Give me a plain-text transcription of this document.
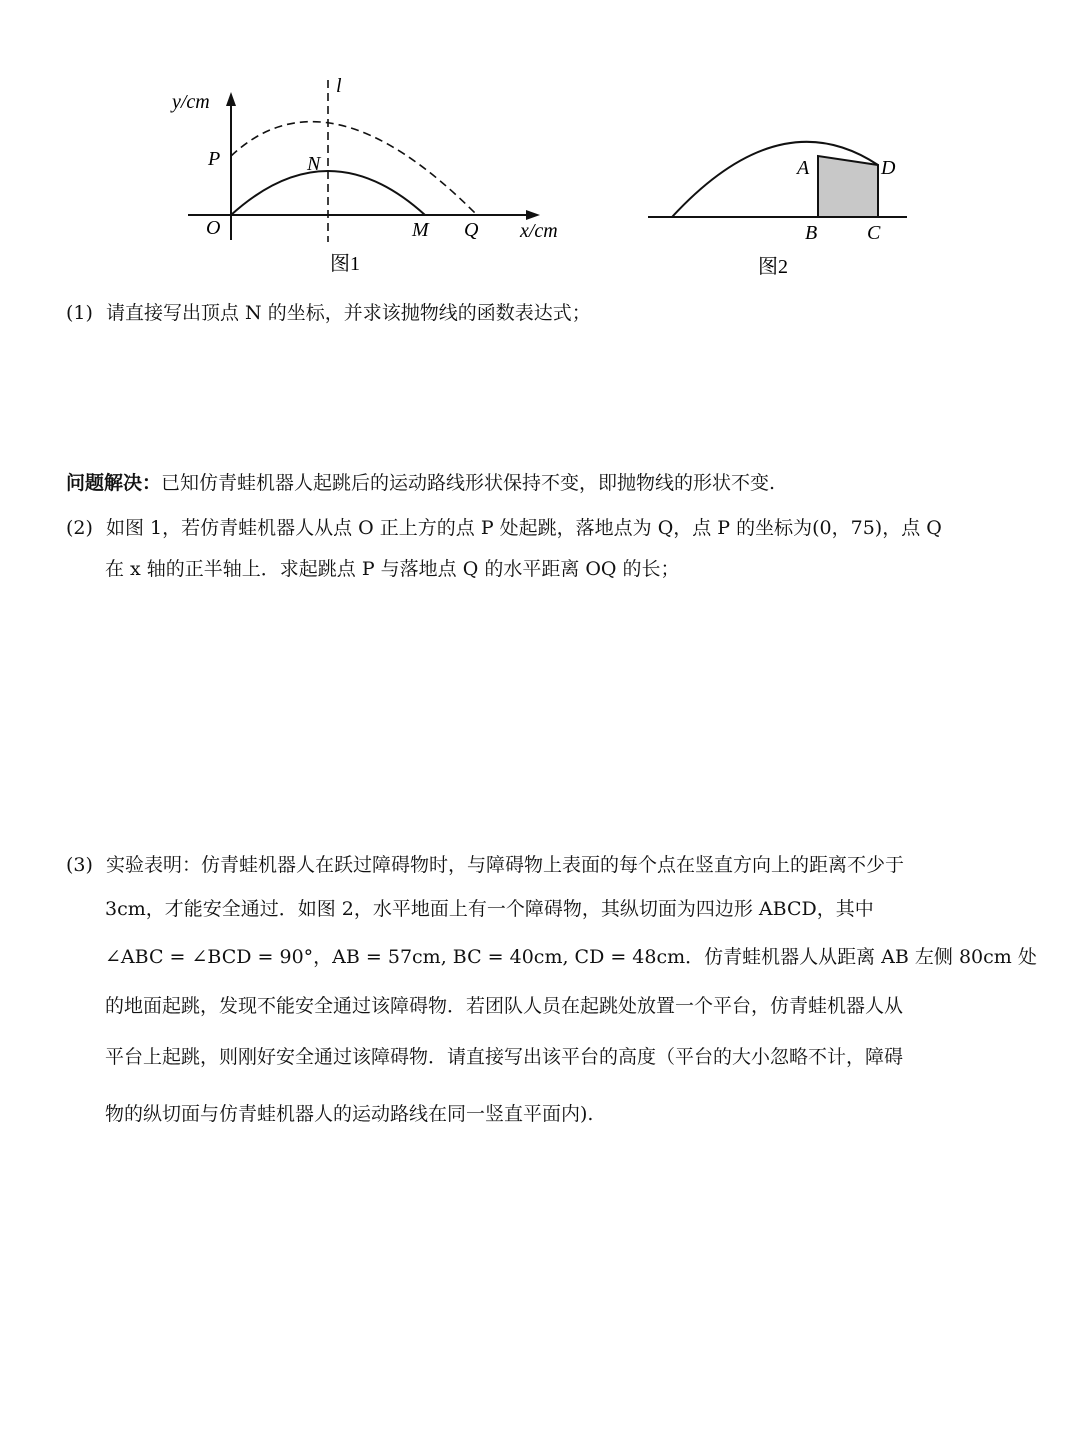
y/cm
x/cm
l
O
P	N
M Q
图1
A	D
B C
图2
(1) 请直接写出顶点 N 的坐标，并求该抛物线的函数表达式；
问题解决：已知仿青蛙机器人起跳后的运动路线形状保持不变，即抛物线的形状不变.
(2) 如图 1，若仿青蛙机器人从点 O 正上方的点 P 处起跳，落地点为 Q，点 P 的坐标为(0，75)，点 Q
在 x 轴的正半轴上．求起跳点 P 与落地点 Q 的水平距离 OQ 的长；
(3) 实验表明：仿青蛙机器人在跃过障碍物时，与障碍物上表面的每个点在竖直方向上的距离不少于
3cm，才能安全通过．如图 2，水平地面上有一个障碍物，其纵切面为四边形 ABCD，其中
∠ABC = ∠BCD = 90°，AB = 57cm, BC = 40cm, CD = 48cm．仿青蛙机器人从距离 AB 左侧 80cm 处
的地面起跳，发现不能安全通过该障碍物．若团队人员在起跳处放置一个平台，仿青蛙机器人从
平台上起跳，则刚好安全通过该障碍物．请直接写出该平台的高度（平台的大小忽略不计，障碍
物的纵切面与仿青蛙机器人的运动路线在同一竖直平面内).
